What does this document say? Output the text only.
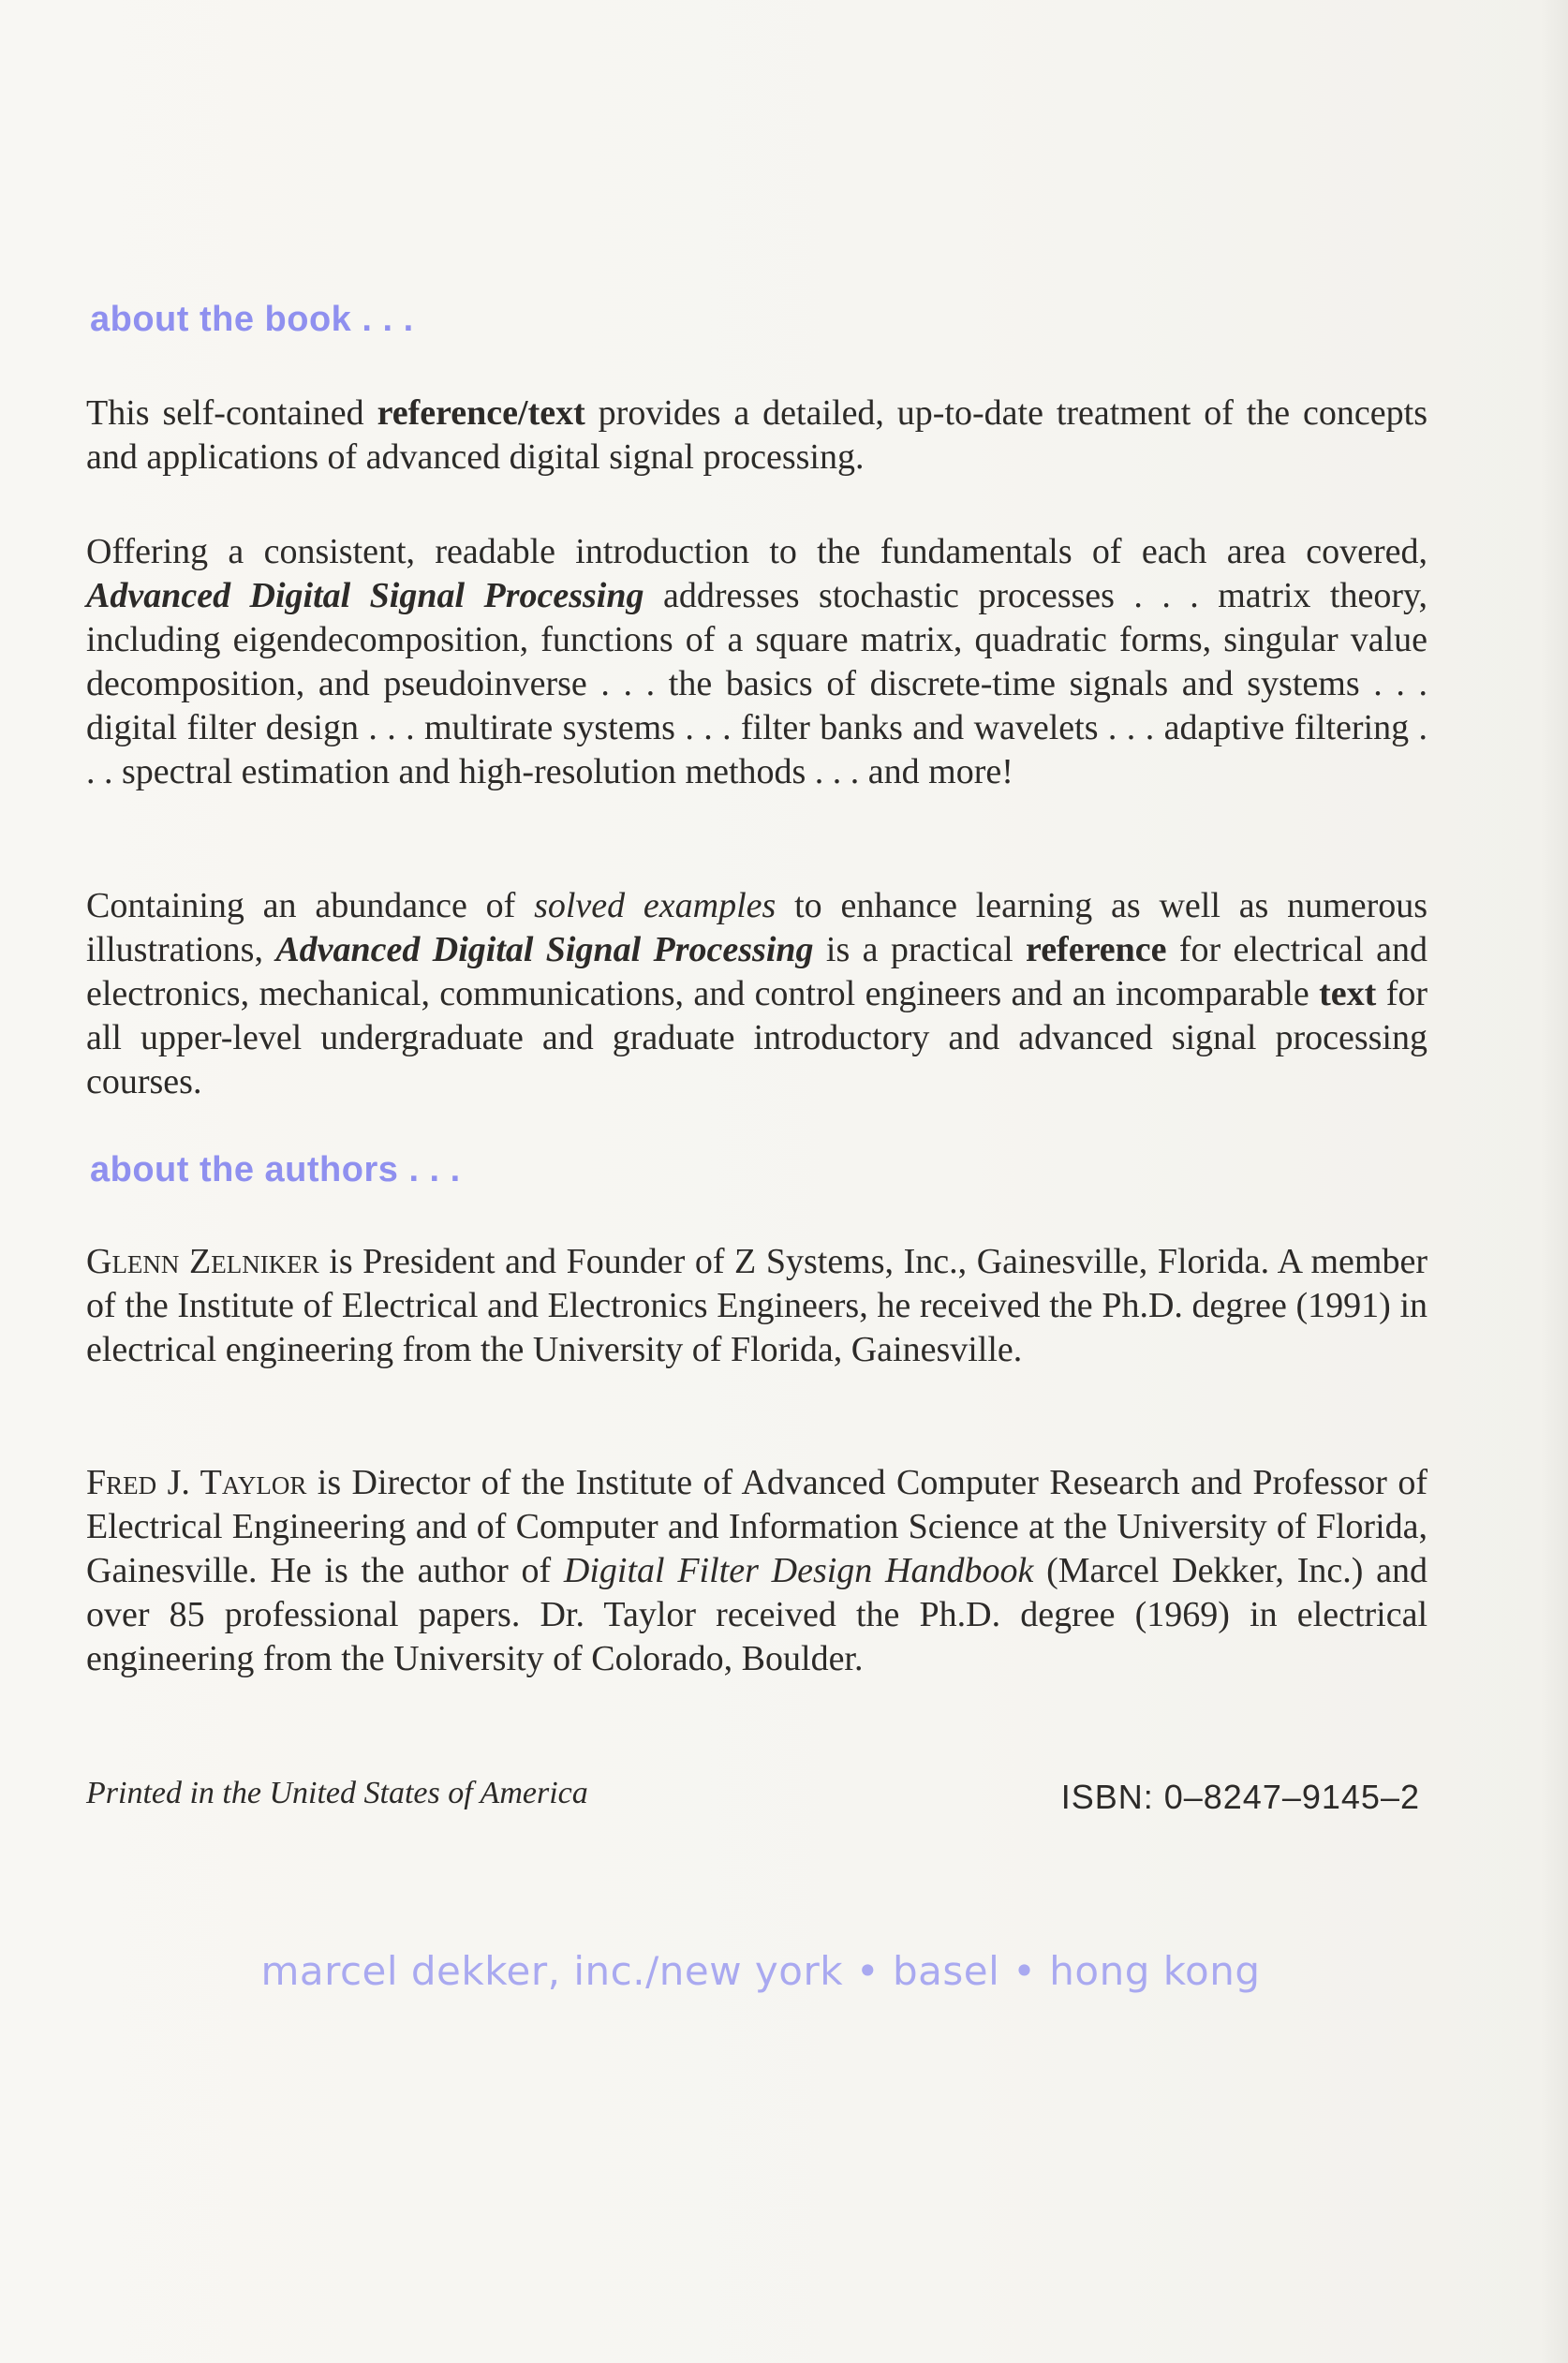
about the book . . .

This self-contained reference/text provides a detailed, up-to-date treatment of the concepts and applications of advanced digital signal processing.

Offering a consistent, readable introduction to the fundamentals of each area covered, Advanced Digital Signal Processing addresses stochastic processes . . . matrix theory, including eigendecomposition, functions of a square matrix, quadratic forms, singular value decomposition, and pseudoinverse . . . the basics of discrete-time signals and systems . . . digital filter design . . . multirate systems . . . filter banks and wavelets . . . adaptive filtering . . . spectral estimation and high-resolution methods . . . and more!

Containing an abundance of solved examples to enhance learning as well as numerous illustrations, Advanced Digital Signal Processing is a practical reference for electrical and electronics, mechanical, communications, and control engineers and an incomparable text for all upper-level undergraduate and graduate introductory and advanced signal processing courses.

about the authors . . .

Glenn Zelniker is President and Founder of Z Systems, Inc., Gainesville, Florida. A member of the Institute of Electrical and Electronics Engineers, he received the Ph.D. degree (1991) in electrical engineering from the University of Florida, Gainesville.

Fred J. Taylor is Director of the Institute of Advanced Computer Research and Professor of Electrical Engineering and of Computer and Information Science at the University of Florida, Gainesville. He is the author of Digital Filter Design Handbook (Marcel Dekker, Inc.) and over 85 professional papers. Dr. Taylor received the Ph.D. degree (1969) in electrical engineering from the University of Colorado, Boulder.

Printed in the United States of America	ISBN: 0–8247–9145–2

marcel dekker, inc./new york • basel • hong kong
